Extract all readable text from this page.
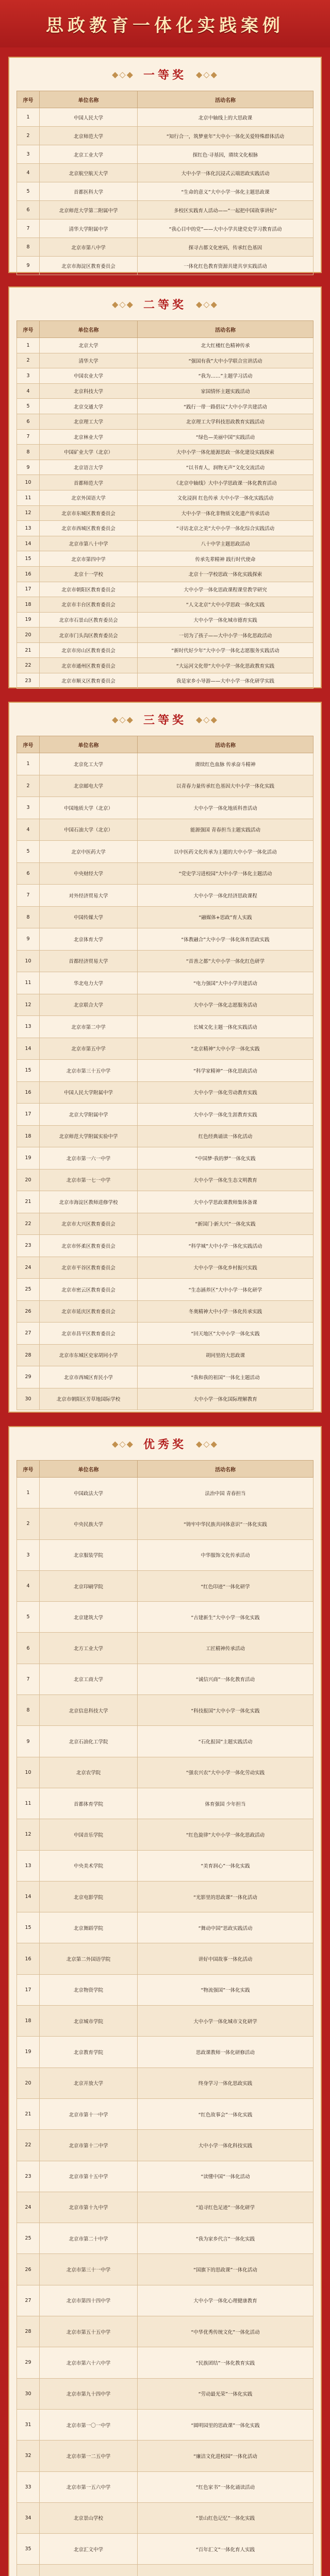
思政教育一体化实践案例
◆◇◆ 一等奖 ◆◇◆
序号	单位名称	活动名称
1	中国人民大学	北京中轴线上的大思政课
2	北京师范大学	“知行合一，筑梦童年”大中小一体化关爱特殊群体活动
3	北京工业大学	探红色·寻基因，赓续文化根脉
4	北京航空航天大学	大中小学一体化沉浸式云端思政实践活动
5	首都医科大学	“生命的意义”大中小学一体化主题思政课
6	北京师范大学第二附属中学	多校区实践育人活动——“一起把中国故事讲好”
7	清华大学附属中学	“我心目中的党”——大中小学共建党史学习教育活动
8	北京市第八中学	探寻古都文化密码，传承红色基因
9	北京市海淀区教育委员会	一体化红色教育资源共建共享实践活动
◆◇◆ 二等奖 ◆◇◆
序号	单位名称	活动名称
1	北京大学	北大红楼红色精神传承
2	清华大学	“强国有我”大中小学联合宣讲活动
3	中国农业大学	“我为……”主题学习活动
4	北京科技大学	家国情怀主题实践活动
5	北京交通大学	“践行一带一路倡议”大中小学共建活动
6	北京理工大学	北京理工大学科技思政教育实践活动
7	北京林业大学	“绿色—美丽中国”实践活动
8	中国矿业大学（北京）	大中小学一体化能源思政一体化建设实践探索
9	北京语言大学	“以书育人，润物无声”文化交流活动
10	首都师范大学	《北京中轴线》大中小学思政课一体化教育活动
11	北京外国语大学	文化浸润 红色传承 大中小学一体化实践活动
12	北京市东城区教育委员会	大中小学一体化非物质文化遗产传承活动
13	北京市西城区教育委员会	“寻访北京之美”大中小学一体化综合实践活动
14	北京市第八十中学	八十中学主题思政活动
15	北京市第四中学	传承先辈精神 践行时代使命
16	北京十一学校	北京十一学校思政一体化实践探索
17	北京市朝阳区教育委员会	大中小学一体化思政课程课堂教学研究
18	北京市丰台区教育委员会	“人文北京”大中小学思政一体化实践
19	北京市石景山区教育委员会	大中小学一体化城市德育实践
20	北京市门头沟区教育委员会	一切为了孩子——大中小学一体化思政活动
21	北京市房山区教育委员会	“新时代好少年”大中小学一体化志愿服务实践活动
22	北京市通州区教育委员会	“大运河文化带”大中小学一体化思政教育实践
23	北京市顺义区教育委员会	我是家乡小导游——大中小学一体化研学实践
◆◇◆ 三等奖 ◆◇◆
序号	单位名称	活动名称
1	北京化工大学	赓续红色血脉 传承奋斗精神
2	北京邮电大学	以青春力量传承红色基因大中小学一体化实践
3	中国地质大学（北京）	大中小学一体化地质科普活动
4	中国石油大学（北京）	能源强国 青春担当主题实践活动
5	北京中医药大学	以中医药文化传承为主题的大中小学一体化活动
6	中央财经大学	“党史学习进校园”大中小学一体化主题活动
7	对外经济贸易大学	大中小学一体化经济思政课程
8	中国传媒大学	“融媒体+思政”育人实践
9	北京体育大学	“体教融合”大中小学一体化体育思政实践
10	首都经济贸易大学	“首善之都”大中小学一体化红色研学
11	华北电力大学	“电力强国”大中小学共建活动
12	北京联合大学	大中小学一体化志愿服务活动
13	北京市第二中学	长城文化主题一体化实践活动
14	北京市第五中学	“北京精神”大中小学一体化实践
15	北京市第三十五中学	“科学家精神”一体化思政活动
16	中国人民大学附属中学	大中小学一体化劳动教育实践
17	北京大学附属中学	大中小学一体化生涯教育实践
18	北京师范大学附属实验中学	红色经典诵读一体化活动
19	北京市第一六一中学	“中国梦·我的梦”一体化实践
20	北京市第一七一中学	大中小学一体化生态文明教育
21	北京市海淀区教师进修学校	大中小学思政课教师集体备课
22	北京市大兴区教育委员会	“新国门·新大兴”一体化实践
23	北京市怀柔区教育委员会	“科学城”大中小学一体化实践活动
24	北京市平谷区教育委员会	大中小学一体化乡村振兴实践
25	北京市密云区教育委员会	“生态涵养区”大中小学一体化研学
26	北京市延庆区教育委员会	冬奥精神大中小学一体化传承实践
27	北京市昌平区教育委员会	“回天地区”大中小学一体化实践
28	北京市东城区史家胡同小学	胡同里的大思政课
29	北京市西城区育民小学	“我和我的祖国”一体化主题活动
30	北京市朝阳区芳草地国际学校	大中小学一体化国际理解教育
◆◇◆ 优秀奖 ◆◇◆
序号	单位名称	活动名称
1	中国政法大学	法治中国 青春担当
2	中央民族大学	“铸牢中华民族共同体意识”一体化实践
3	北京服装学院	中华服饰文化传承活动
4	北京印刷学院	“红色印迹”一体化研学
5	北京建筑大学	“古建新生”大中小学一体化实践
6	北方工业大学	工匠精神传承活动
7	北京工商大学	“诚信兴商”一体化教育活动
8	北京信息科技大学	“科技报国”大中小学一体化实践
9	北京石油化工学院	“石化报国”主题实践活动
10	北京农学院	“强农兴农”大中小学一体化劳动实践
11	首都体育学院	体育强国 少年担当
12	中国音乐学院	“红色旋律”大中小学一体化思政活动
13	中央美术学院	“美育润心”一体化实践
14	北京电影学院	“光影里的思政课”一体化活动
15	北京舞蹈学院	“舞动中国”思政实践活动
16	北京第二外国语学院	讲好中国故事一体化活动
17	北京物资学院	“物流强国”一体化实践
18	北京城市学院	大中小学一体化城市文化研学
19	北京教育学院	思政课教师一体化研修活动
20	北京开放大学	终身学习一体化思政实践
21	北京市第十一中学	“红色故事会”一体化实践
22	北京市第十二中学	大中小学一体化科技实践
23	北京市第十五中学	“读懂中国”一体化活动
24	北京市第十九中学	“追寻红色足迹”一体化研学
25	北京市第二十中学	“我为家乡代言”一体化实践
26	北京市第三十一中学	“国旗下的思政课”一体化活动
27	北京市第四十四中学	大中小学一体化心理健康教育
28	北京市第五十五中学	“中华优秀传统文化”一体化活动
29	北京市第六十六中学	“民族团结”一体化教育实践
30	北京市第九十四中学	“劳动最光荣”一体化实践
31	北京市第一〇一中学	“圆明园里的思政课”一体化实践
32	北京市第一二五中学	“廉洁文化进校园”一体化活动
33	北京市第一五六中学	“红色家书”一体化诵读活动
34	北京景山学校	“景山红色记忆”一体化实践
35	北京汇文中学	“百年汇文”一体化育人实践
